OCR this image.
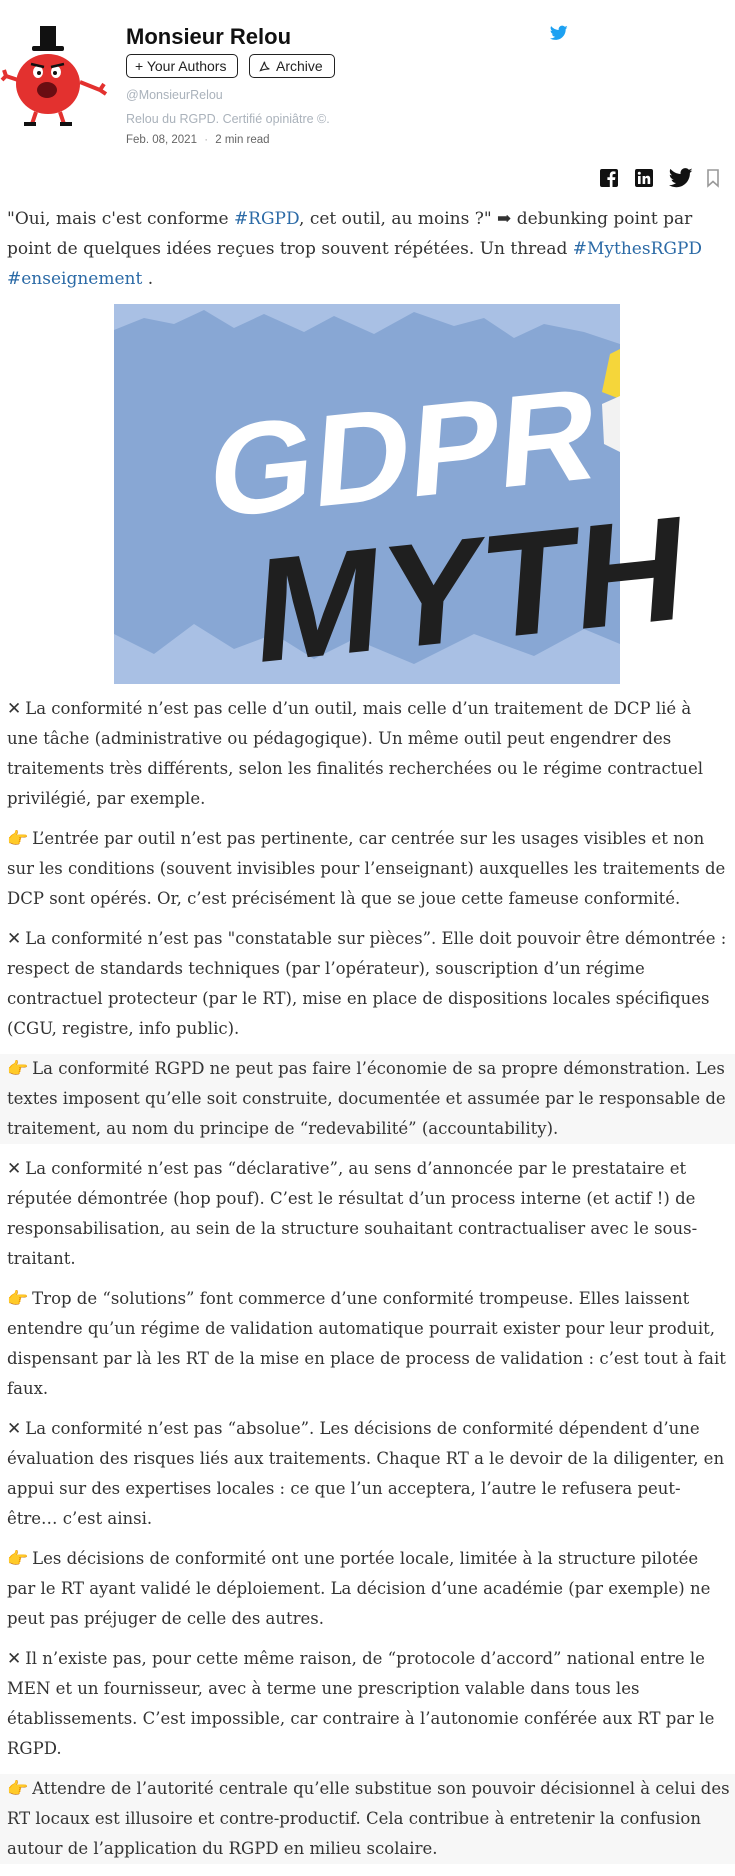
Monsieur Relou
+ Your Authors	Archive
@MonsieurRelou
Relou du RGPD. Certifié opiniâtre ©.
Feb. 08, 2021 · 2 min read
"Oui, mais c'est conforme #RGPD, cet outil, au moins ?" ➡ debunking point par point de quelques idées reçues trop souvent répétées. Un thread #MythesRGPD #enseignement .
GDPR
MYTH
✕ La conformité n’est pas celle d’un outil, mais celle d’un traitement de DCP lié à une tâche (administrative ou pédagogique). Un même outil peut engendrer des traitements très différents, selon les finalités recherchées ou le régime contractuel privilégié, par exemple.
👉 L’entrée par outil n’est pas pertinente, car centrée sur les usages visibles et non sur les conditions (souvent invisibles pour l’enseignant) auxquelles les traitements de DCP sont opérés. Or, c’est précisément là que se joue cette fameuse conformité.
✕ La conformité n’est pas "constatable sur pièces”. Elle doit pouvoir être démontrée : respect de standards techniques (par l’opérateur), souscription d’un régime contractuel protecteur (par le RT), mise en place de dispositions locales spécifiques (CGU, registre, info public).
👉 La conformité RGPD ne peut pas faire l’économie de sa propre démonstration. Les textes imposent qu’elle soit construite, documentée et assumée par le responsable de traitement, au nom du principe de “redevabilité” (accountability).
✕ La conformité n’est pas “déclarative”, au sens d’annoncée par le prestataire et réputée démontrée (hop pouf). C’est le résultat d’un process interne (et actif !) de responsabilisation, au sein de la structure souhaitant contractualiser avec le sous-traitant.
👉 Trop de “solutions” font commerce d’une conformité trompeuse. Elles laissent entendre qu’un régime de validation automatique pourrait exister pour leur produit, dispensant par là les RT de la mise en place de process de validation : c’est tout à fait faux.
✕ La conformité n’est pas “absolue”. Les décisions de conformité dépendent d’une évaluation des risques liés aux traitements. Chaque RT a le devoir de la diligenter, en appui sur des expertises locales : ce que l’un acceptera, l’autre le refusera peut-être… c’est ainsi.
👉 Les décisions de conformité ont une portée locale, limitée à la structure pilotée par le RT ayant validé le déploiement. La décision d’une académie (par exemple) ne peut pas préjuger de celle des autres.
✕ Il n’existe pas, pour cette même raison, de “protocole d’accord” national entre le MEN et un fournisseur, avec à terme une prescription valable dans tous les établissements. C’est impossible, car contraire à l’autonomie conférée aux RT par le RGPD.
👉 Attendre de l’autorité centrale qu’elle substitue son pouvoir décisionnel à celui des RT locaux est illusoire et contre-productif. Cela contribue à entretenir la confusion autour de l’application du RGPD en milieu scolaire.
